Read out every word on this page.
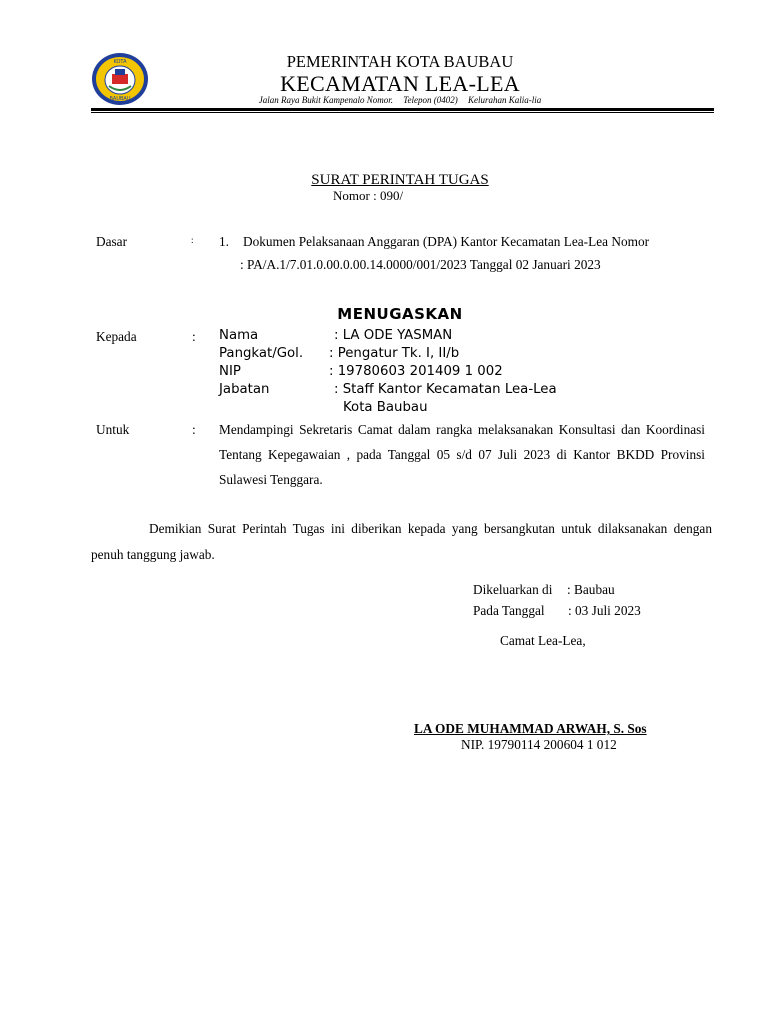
KOTA
BAUBAU
PEMERINTAH KOTA BAUBAU
KECAMATAN LEA-LEA
Jalan Raya Bukit Kampenalo Nomor. Telepon (0402) Kelurahan Kalia-lia
SURAT PERINTAH TUGAS
Nomor : 090/
Dasar	: 1. Dokumen Pelaksanaan Anggaran (DPA) Kantor Kecamatan Lea-Lea Nomor
: PA/A.1/7.01.0.00.0.00.14.0000/001/2023 Tanggal 02 Januari 2023
MENUGASKAN
Kepada	: Nama	: LA ODE YASMAN
Pangkat/Gol. : Pengatur Tk. I, II/b
NIP	: 19780603 201409 1 002
Jabatan	: Staff Kantor Kecamatan Lea-Lea
Kota Baubau
Untuk	: Mendampingi Sekretaris Camat dalam rangka melaksanakan Konsultasi dan Koordinasi Tentang Kepegawaian , pada Tanggal 05 s/d 07 Juli 2023 di Kantor BKDD Provinsi Sulawesi Tenggara.
Demikian Surat Perintah Tugas ini diberikan kepada yang bersangkutan untuk dilaksanakan dengan penuh tanggung jawab.
Dikeluarkan di : Baubau
Pada Tanggal : 03 Juli 2023
Camat Lea-Lea,
LA ODE MUHAMMAD ARWAH, S. Sos
NIP. 19790114 200604 1 012
